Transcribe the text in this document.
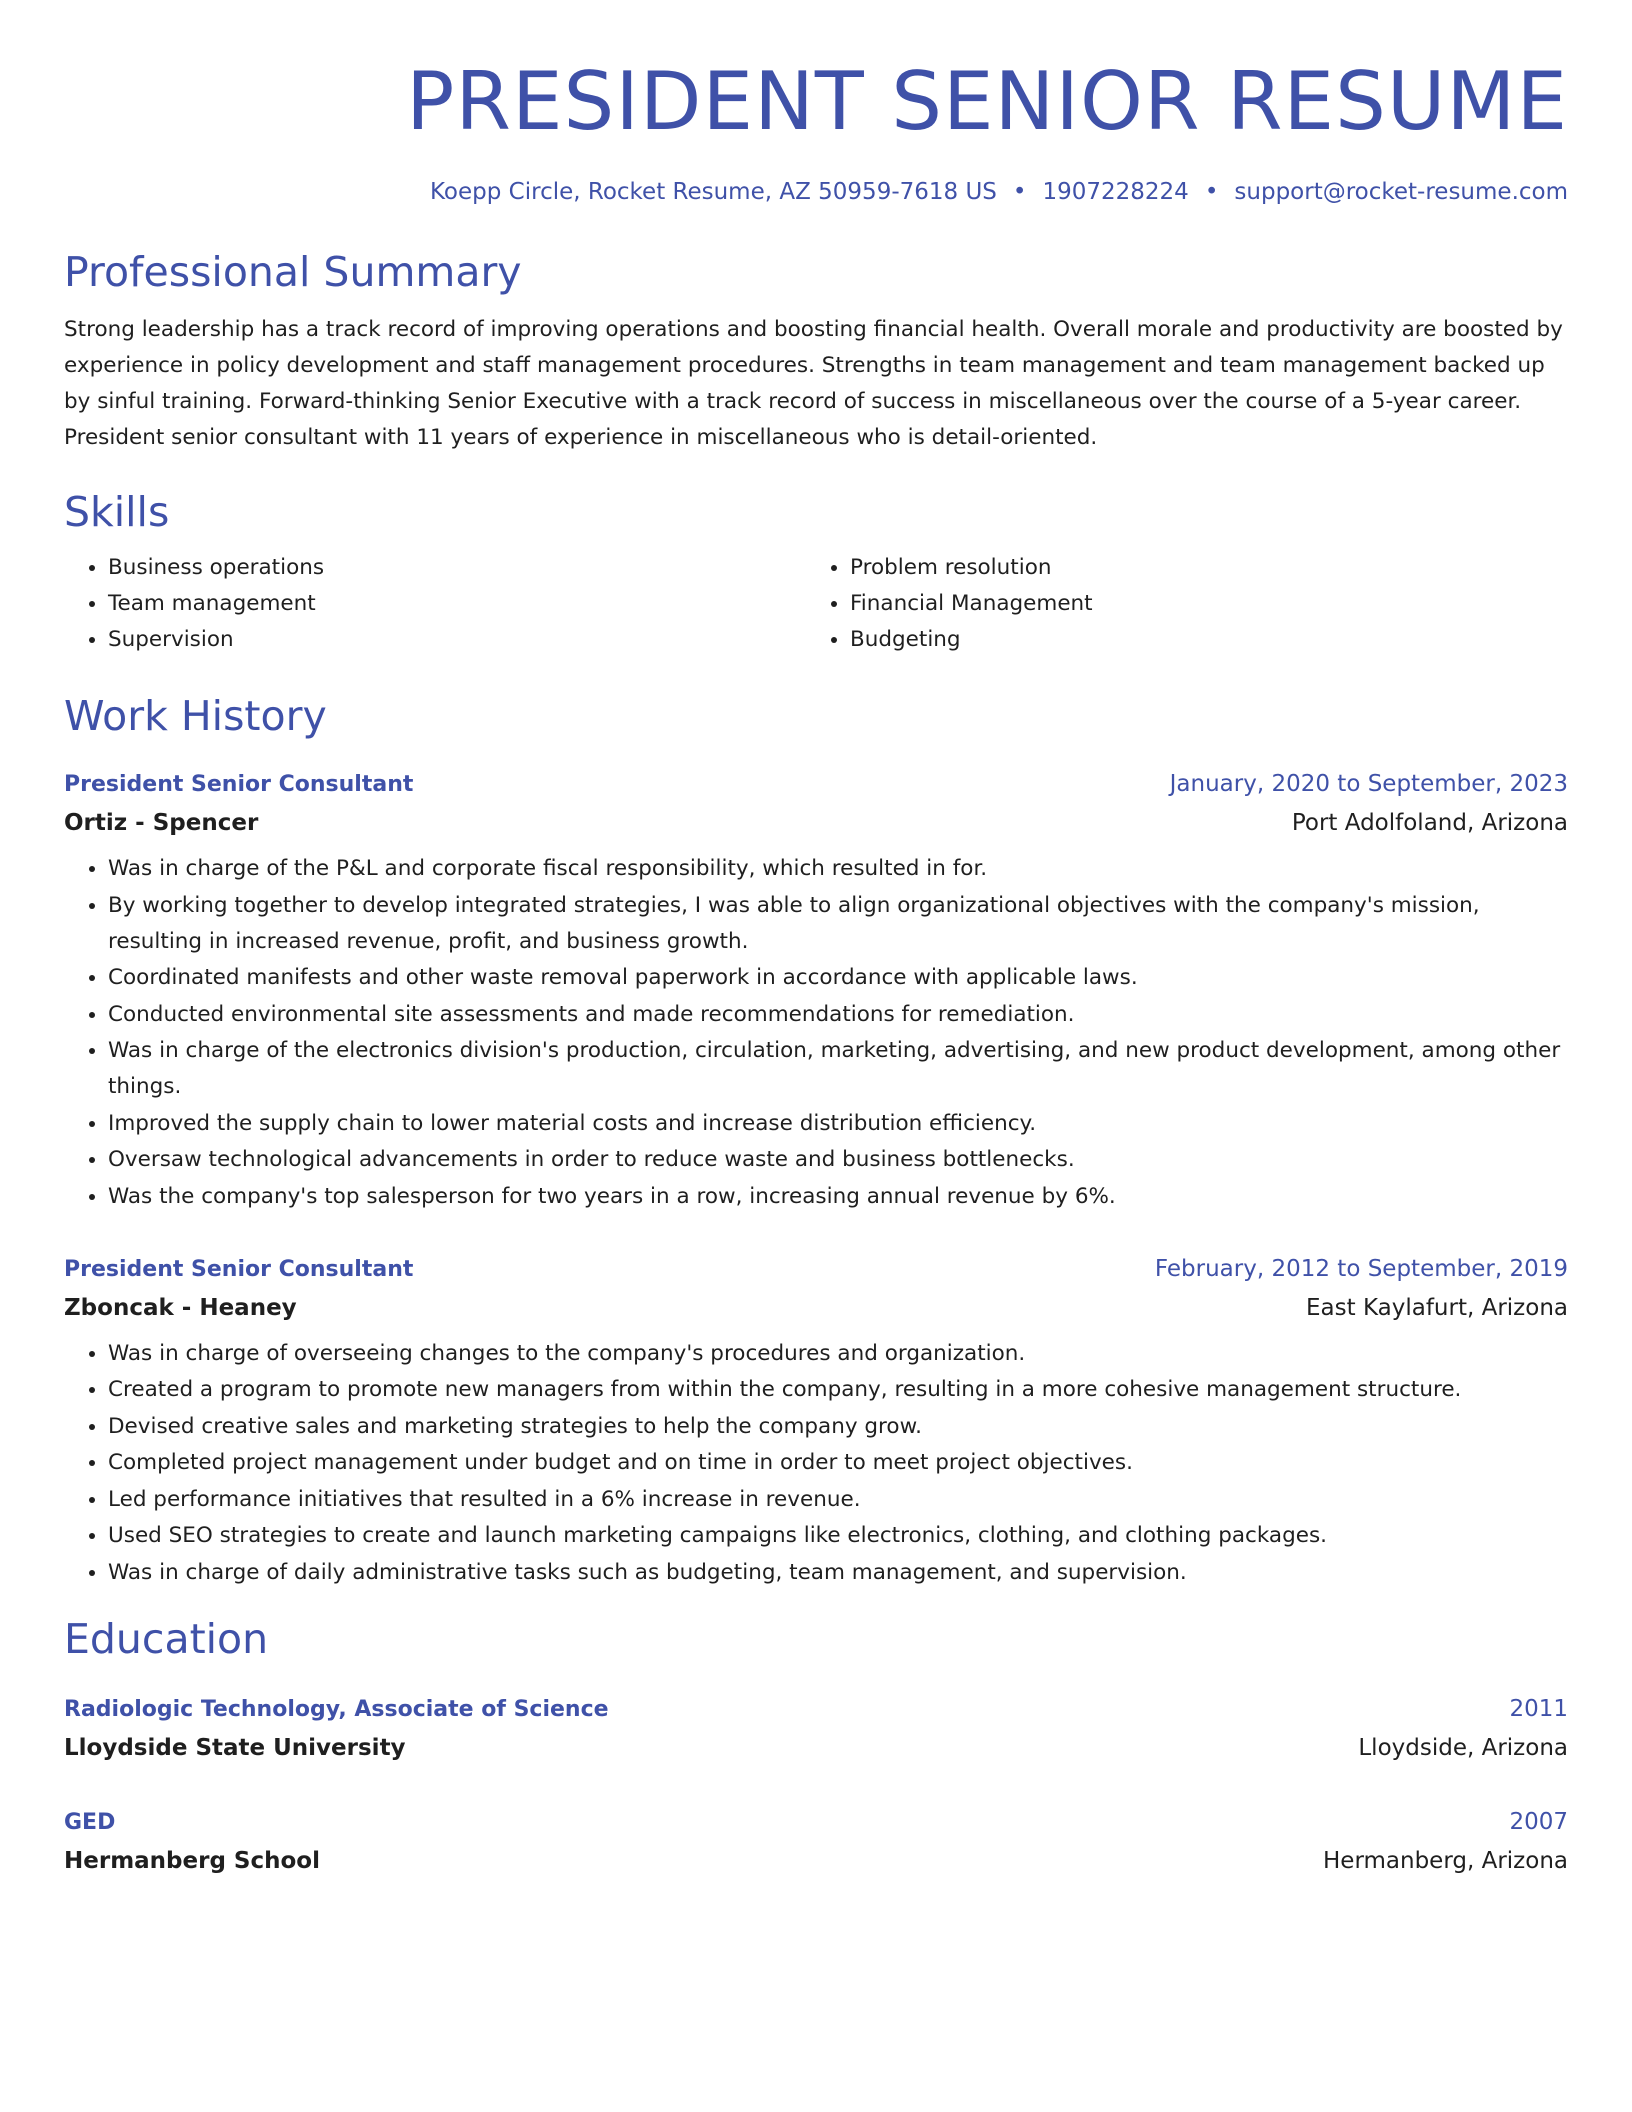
PRESIDENT SENIOR RESUME
Koepp Circle, Rocket Resume, AZ 50959-7618 US • 1907228224 • support@rocket-resume.com
Professional Summary

Strong leadership has a track record of improving operations and boosting financial health. Overall morale and productivity are boosted by experience in policy development and staff management procedures. Strengths in team management and team management backed up by sinful training. Forward-thinking Senior Executive with a track record of success in miscellaneous over the course of a 5-year career. President senior consultant with 11 years of experience in miscellaneous who is detail-oriented.

Skills
• Business operations
• Team management
• Supervision
• Problem resolution
• Financial Management
• Budgeting
Work History
President Senior Consultant	January, 2020 to September, 2023
Ortiz - Spencer	Port Adolfoland, Arizona
• Was in charge of the P&L and corporate fiscal responsibility, which resulted in for.
• By working together to develop integrated strategies, I was able to align organizational objectives with the company's mission, resulting in increased revenue, profit, and business growth.
• Coordinated manifests and other waste removal paperwork in accordance with applicable laws.
• Conducted environmental site assessments and made recommendations for remediation.
• Was in charge of the electronics division's production, circulation, marketing, advertising, and new product development, among other things.
• Improved the supply chain to lower material costs and increase distribution efficiency.
• Oversaw technological advancements in order to reduce waste and business bottlenecks.
• Was the company's top salesperson for two years in a row, increasing annual revenue by 6%.
President Senior Consultant	February, 2012 to September, 2019
Zboncak - Heaney	East Kaylafurt, Arizona
• Was in charge of overseeing changes to the company's procedures and organization.
• Created a program to promote new managers from within the company, resulting in a more cohesive management structure.
• Devised creative sales and marketing strategies to help the company grow.
• Completed project management under budget and on time in order to meet project objectives.
• Led performance initiatives that resulted in a 6% increase in revenue.
• Used SEO strategies to create and launch marketing campaigns like electronics, clothing, and clothing packages.
• Was in charge of daily administrative tasks such as budgeting, team management, and supervision.
Education
Radiologic Technology, Associate of Science	2011
Lloydside State University	Lloydside, Arizona
GED	2007
Hermanberg School	Hermanberg, Arizona
